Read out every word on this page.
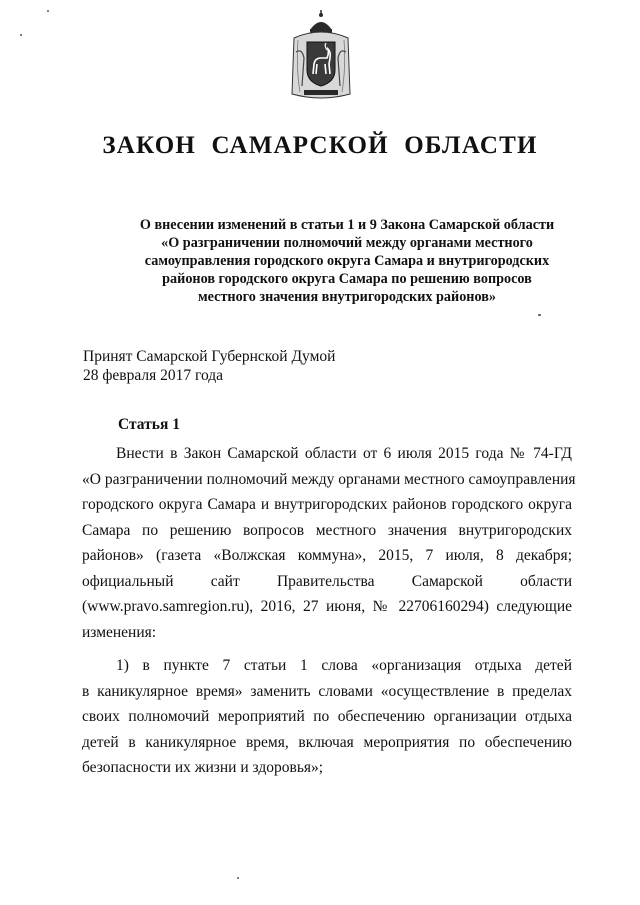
ЗАКОН САМАРСКОЙ ОБЛАСТИ

О внесении изменений в статьи 1 и 9 Закона Самарской области
«О разграничении полномочий между органами местного
самоуправления городского округа Самара и внутригородских
районов городского округа Самара по решению вопросов
местного значения внутригородских районов»

Принят Самарской Губернской Думой
28 февраля 2017 года
Статья 1
Внести в Закон Самарской области от 6 июля 2015 года № 74-ГД
«О разграничении полномочий между органами местного самоуправления
городского округа Самара и внутригородских районов городского округа
Самара по решению вопросов местного значения внутригородских
районов» (газета «Волжская коммуна», 2015, 7 июля, 8 декабря;
официальный сайт Правительства Самарской области
(www.pravo.samregion.ru), 2016, 27 июня, № 22706160294) следующие
изменения:
1) в пункте 7 статьи 1 слова «организация отдыха детей
в каникулярное время» заменить словами «осуществление в пределах
своих полномочий мероприятий по обеспечению организации отдыха
детей в каникулярное время, включая мероприятия по обеспечению
безопасности их жизни и здоровья»;
